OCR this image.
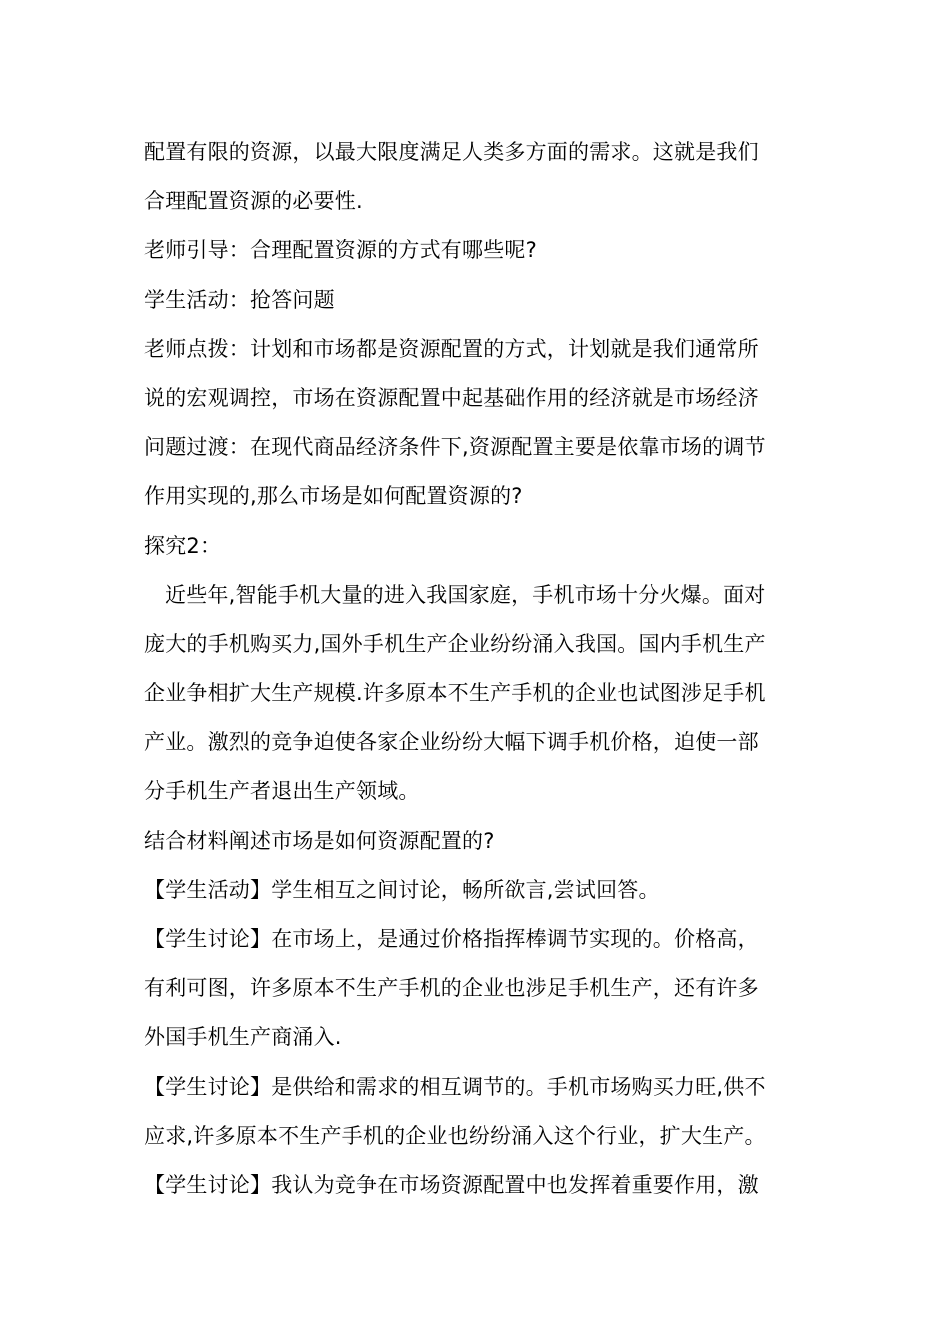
配置有限的资源，以最大限度满足人类多方面的需求。这就是我们
合理配置资源的必要性.
老师引导：合理配置资源的方式有哪些呢?
学生活动：抢答问题
老师点拨：计划和市场都是资源配置的方式，计划就是我们通常所
说的宏观调控，市场在资源配置中起基础作用的经济就是市场经济
问题过渡：在现代商品经济条件下,资源配置主要是依靠市场的调节
作用实现的,那么市场是如何配置资源的?
探究2：
近些年,智能手机大量的进入我国家庭，手机市场十分火爆。面对
庞大的手机购买力,国外手机生产企业纷纷涌入我国。国内手机生产
企业争相扩大生产规模.许多原本不生产手机的企业也试图涉足手机
产业。激烈的竞争迫使各家企业纷纷大幅下调手机价格，迫使一部
分手机生产者退出生产领域。
结合材料阐述市场是如何资源配置的?
【学生活动】学生相互之间讨论，畅所欲言,尝试回答。
【学生讨论】在市场上，是通过价格指挥棒调节实现的。价格高，
有利可图，许多原本不生产手机的企业也涉足手机生产，还有许多
外国手机生产商涌入.
【学生讨论】是供给和需求的相互调节的。手机市场购买力旺,供不
应求,许多原本不生产手机的企业也纷纷涌入这个行业，扩大生产。
【学生讨论】我认为竞争在市场资源配置中也发挥着重要作用，激
